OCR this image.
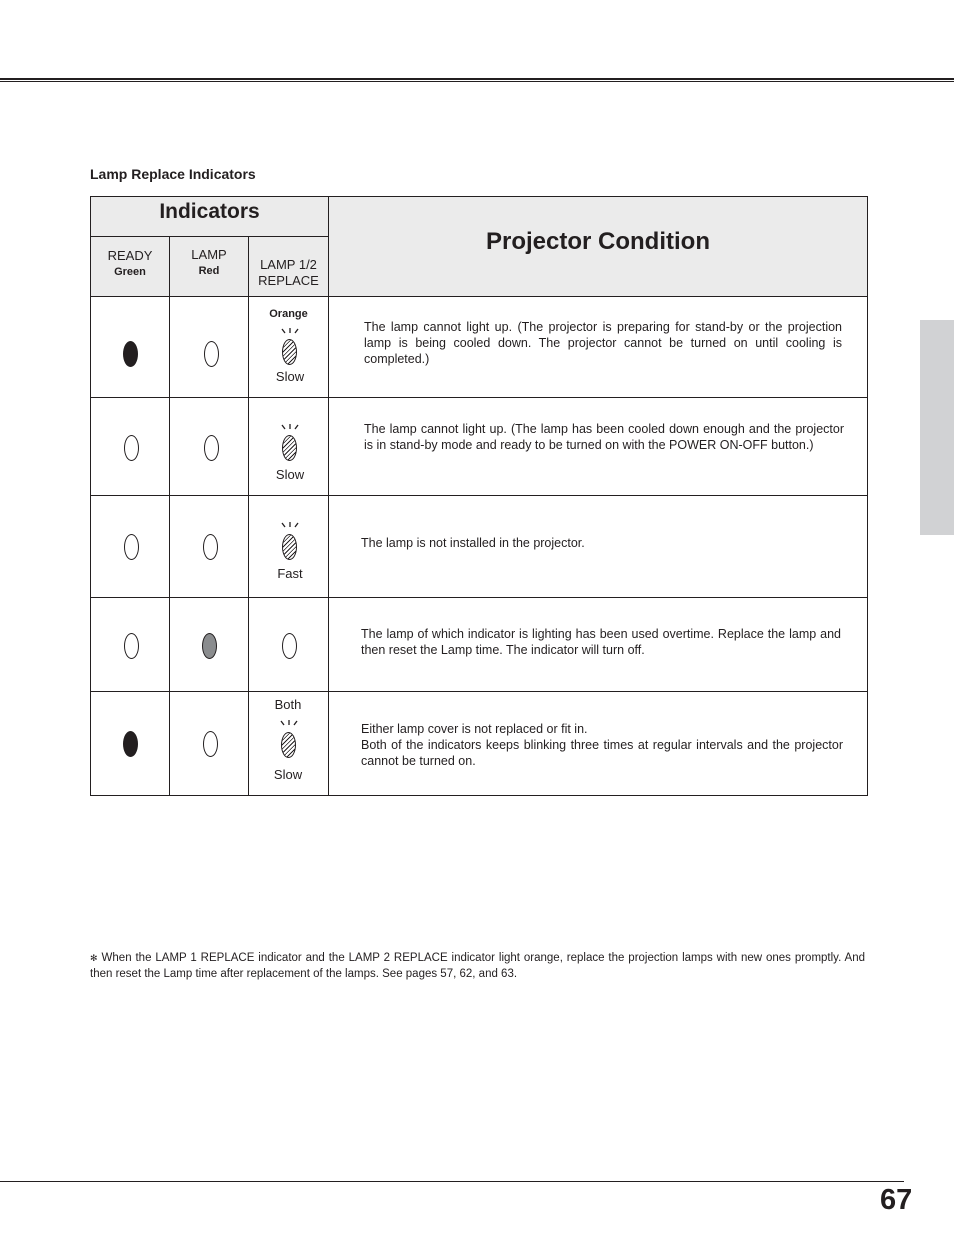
Lamp Replace Indicators
Indicators
Projector Condition
READY
Green
LAMP
Red	LAMP 1/2
REPLACE

Orange

Slow

The lamp cannot light up. (The projector is preparing for stand-by or the projection lamp is being cooled down. The projector cannot be turned on until cooling is completed.)

Slow

The lamp cannot light up. (The lamp has been cooled down enough and the projector is in stand-by mode and ready to be turned on with the POWER ON-OFF button.)

Fast

The lamp is not installed in the projector.

The lamp of which indicator is lighting has been used overtime. Replace the lamp and then reset the Lamp time. The indicator will turn off.

Both
Slow

Either lamp cover is not replaced or fit in.
Both of the indicators keeps blinking three times at regular intervals and the projector cannot be turned on.

✻ When the LAMP 1 REPLACE indicator and the LAMP 2 REPLACE indicator light orange, replace the projection lamps with new ones promptly. And then reset the Lamp time after replacement of the lamps. See pages 57, 62, and 63.

67
